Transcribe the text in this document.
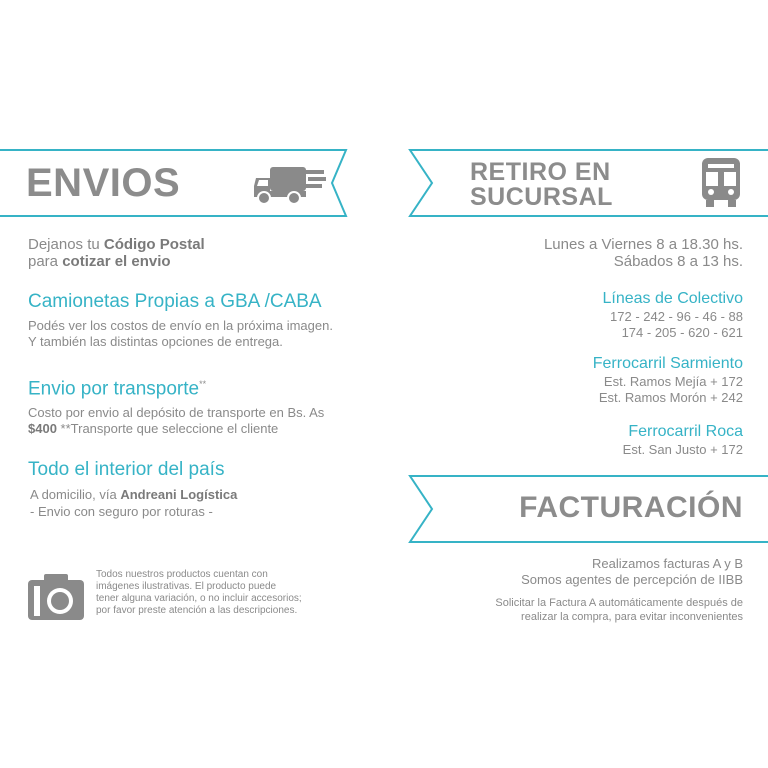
ENVIOS
Dejanos tu Código Postal
para cotizar el envio
Camionetas Propias a GBA /CABA
Podés ver los costos de envío en la próxima imagen.
Y también las distintas opciones de entrega.
Envio por transporte**
Costo por envio al depósito de transporte en Bs. As
$400 **Transporte que seleccione el cliente
Todo el interior del país
A domicilio, vía Andreani Logística
- Envio con seguro por roturas -
Todos nuestros productos cuentan con
imágenes ilustrativas. El producto puede
tener alguna variación, o no incluir accesorios;
por favor preste atención a las descripciones.
RETIRO EN
SUCURSAL
Lunes a Viernes 8 a 18.30 hs.
Sábados 8 a 13 hs.
Líneas de Colectivo
172 - 242 - 96 - 46 - 88
174 - 205 - 620 - 621
Ferrocarril Sarmiento
Est. Ramos Mejía + 172
Est. Ramos Morón + 242
Ferrocarril Roca
Est. San Justo + 172
FACTURACIÓN
Realizamos facturas A y B
Somos agentes de percepción de IIBB
Solicitar la Factura A automáticamente después de
realizar la compra, para evitar inconvenientes
